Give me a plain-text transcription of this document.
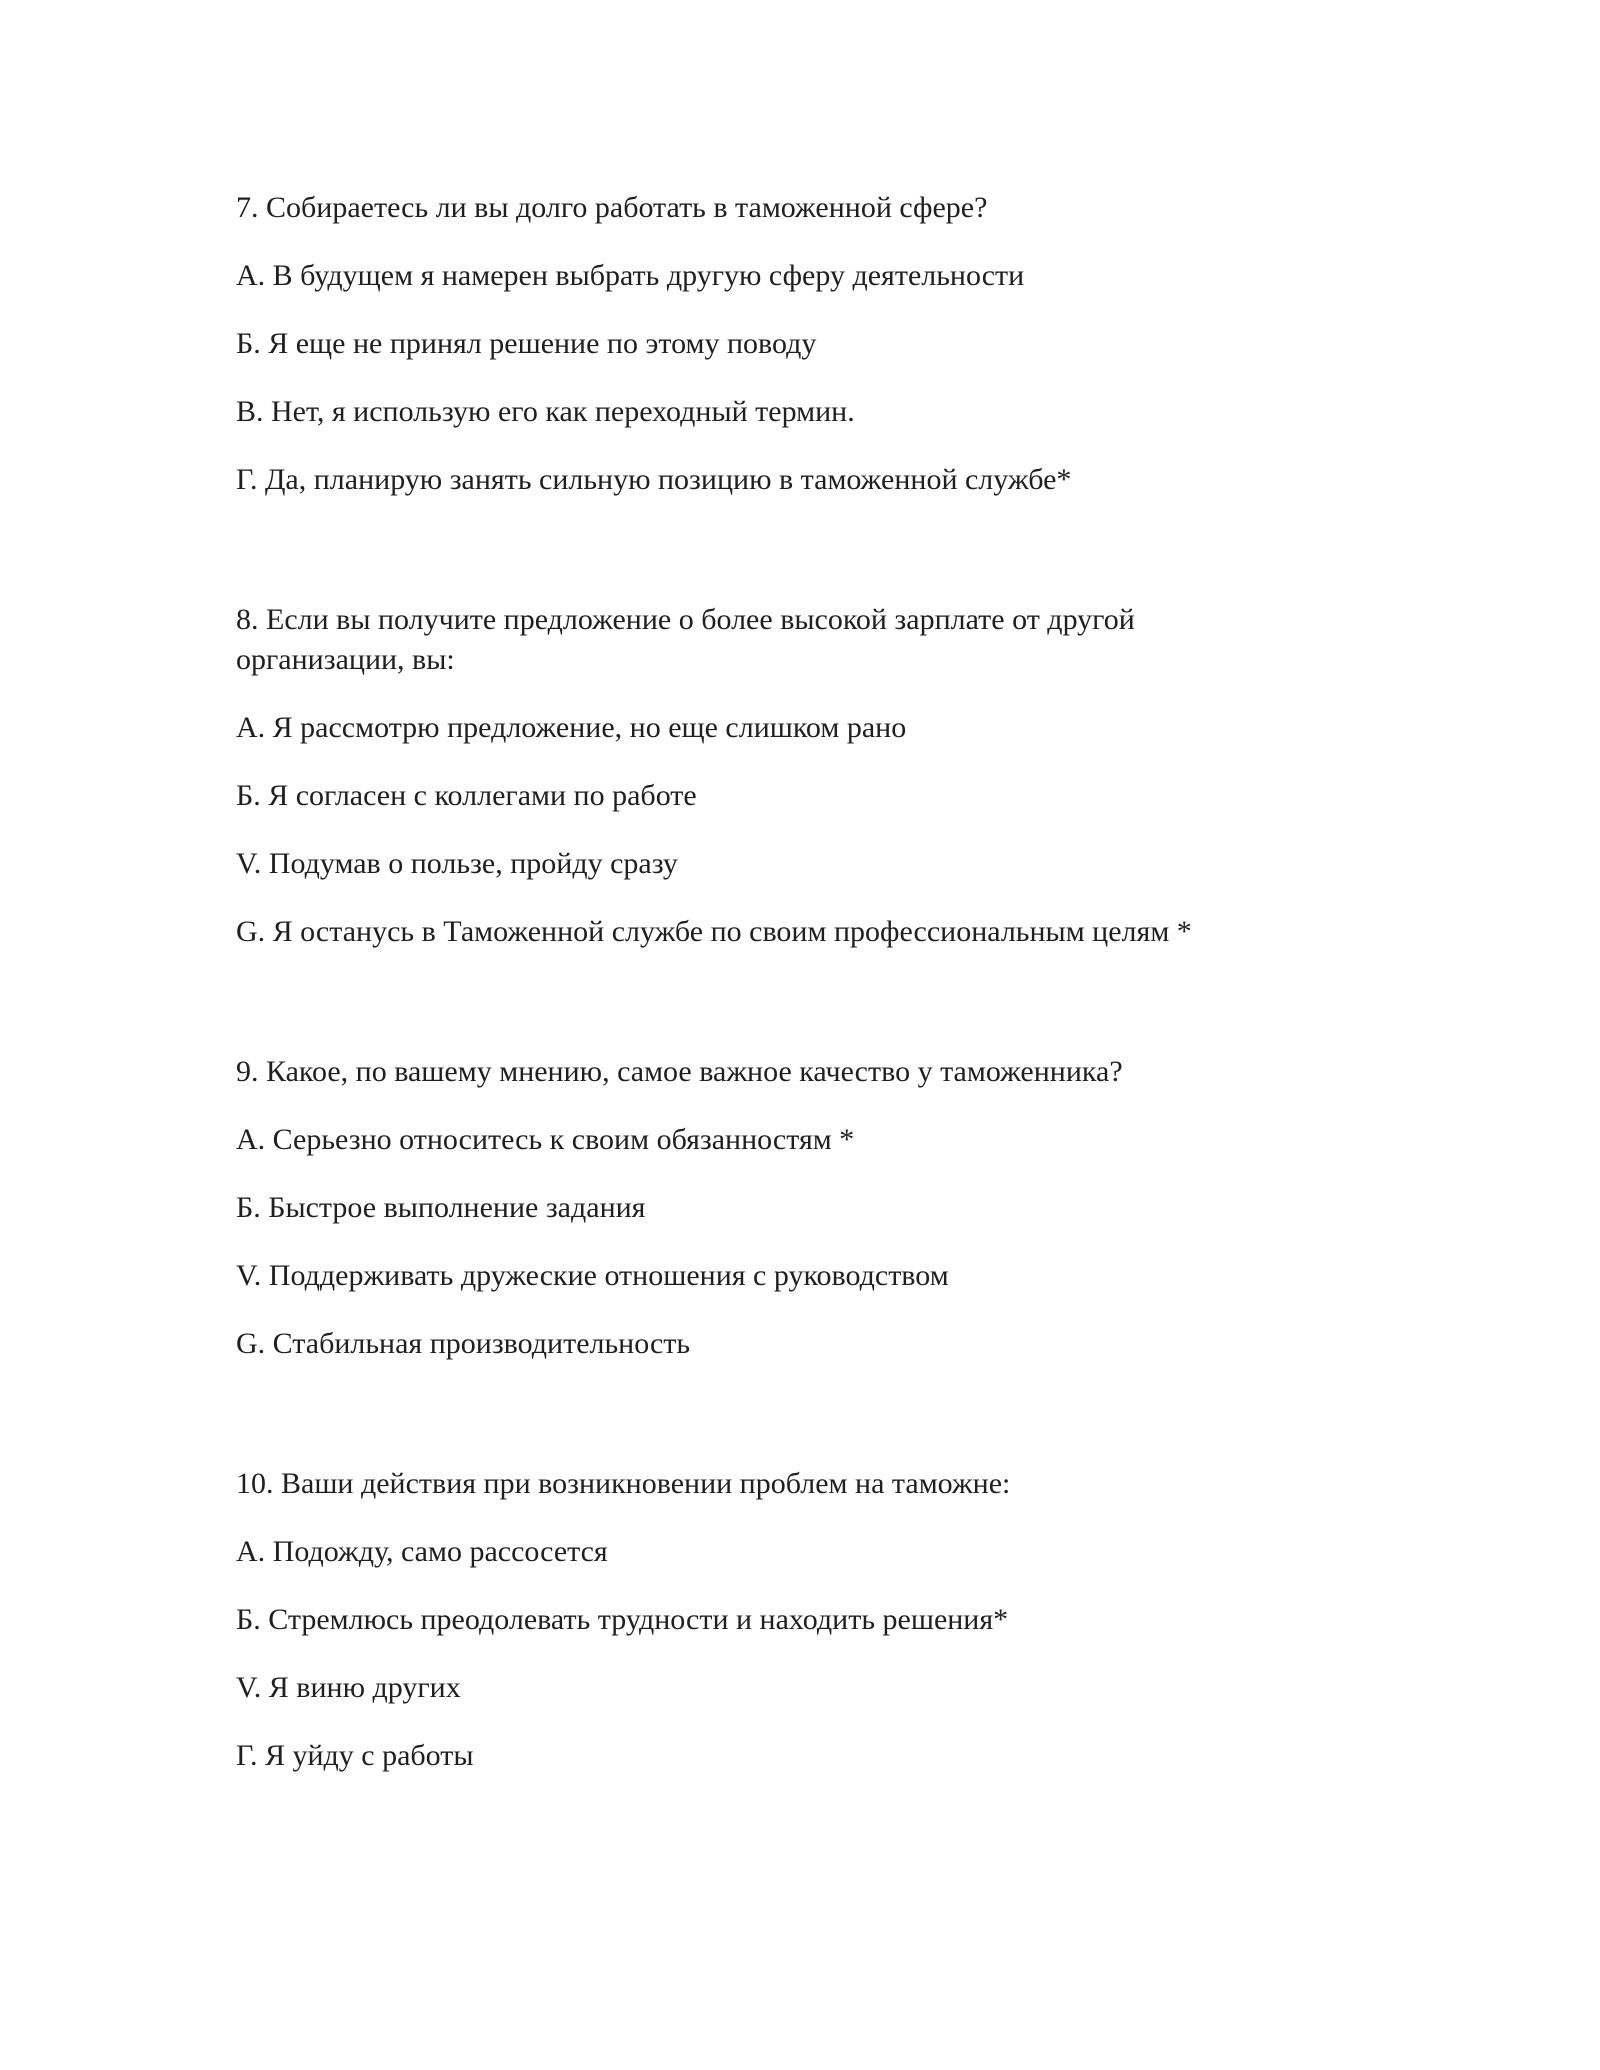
7. Собираетесь ли вы долго работать в таможенной сфере?

А. В будущем я намерен выбрать другую сферу деятельности
Б. Я еще не принял решение по этому поводу
В. Нет, я использую его как переходный термин.
Г. Да, планирую занять сильную позицию в таможенной службе*

8. Если вы получите предложение о более высокой зарплате от другой организации, вы:

А. Я рассмотрю предложение, но еще слишком рано
Б. Я согласен с коллегами по работе
V. Подумав о пользе, пройду сразу
G. Я останусь в Таможенной службе по своим профессиональным целям *

9. Какое, по вашему мнению, самое важное качество у таможенника?

А. Серьезно относитесь к своим обязанностям *
Б. Быстрое выполнение задания
V. Поддерживать дружеские отношения с руководством
G. Стабильная производительность

10. Ваши действия при возникновении проблем на таможне:

А. Подожду, само рассосется
Б. Стремлюсь преодолевать трудности и находить решения*
V. Я виню других
Г. Я уйду с работы
